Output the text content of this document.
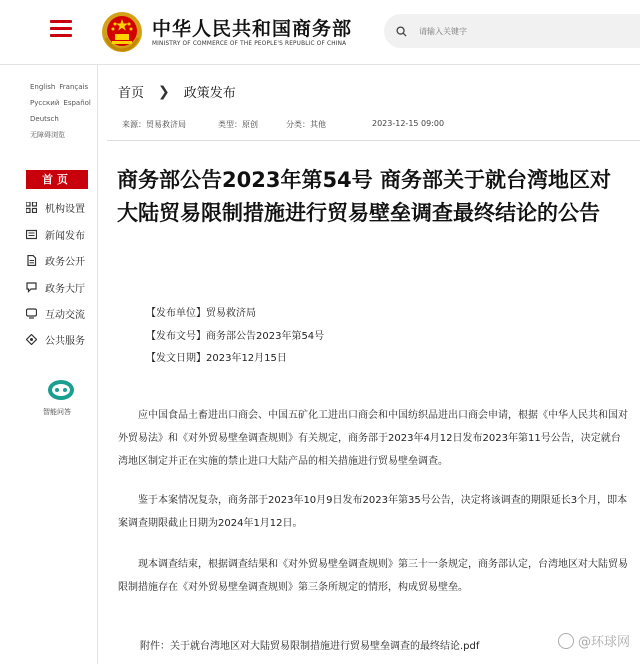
中华人民共和国商务部
MINISTRY OF COMMERCE OF THE PEOPLE'S REPUBLIC OF CHINA
请输入关键字
English Français
Русский Español
Deutsch
无障碍浏览
首页
机构设置
新闻发布
政务公开
政务大厅
互动交流
公共服务
智能问答
首页 ❯ 政策发布
来源：贸易救济局	类型：原创	分类：其他	2023-12-15 09:00
商务部公告2023年第54号 商务部关于就台湾地区对大陆贸易限制措施进行贸易壁垒调查最终结论的公告
【发布单位】贸易救济局
【发布文号】商务部公告2023年第54号
【发文日期】2023年12月15日
应中国食品土畜进出口商会、中国五矿化工进出口商会和中国纺织品进出口商会申请，根据《中华人民共和国对外贸易法》和《对外贸易壁垒调查规则》有关规定，商务部于2023年4月12日发布2023年第11号公告，决定就台湾地区制定并正在实施的禁止进口大陆产品的相关措施进行贸易壁垒调查。
鉴于本案情况复杂，商务部于2023年10月9日发布2023年第35号公告，决定将该调查的期限延长3个月，即本案调查期限截止日期为2024年1月12日。
现本调查结束，根据调查结果和《对外贸易壁垒调查规则》第三十一条规定，商务部认定，台湾地区对大陆贸易限制措施存在《对外贸易壁垒调查规则》第三条所规定的情形，构成贸易壁垒。
附件：关于就台湾地区对大陆贸易限制措施进行贸易壁垒调查的最终结论.pdf	@环球网
